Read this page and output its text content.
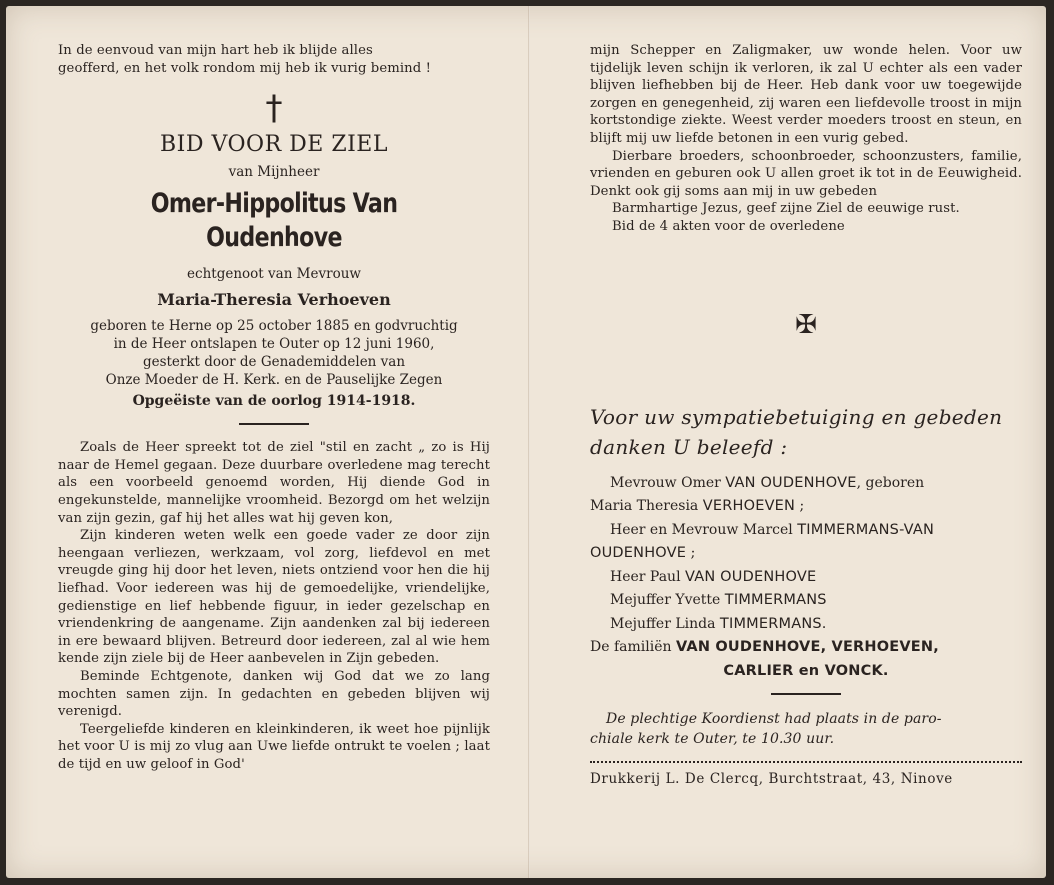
In de eenvoud van mijn hart heb ik blijde alles

geofferd, en het volk rondom mij heb ik vurig bemind !

†
BID VOOR DE ZIEL
van Mijnheer
Omer-Hippolitus Van Oudenhove
echtgenoot van Mevrouw
Maria-Theresia Verhoeven
geboren te Herne op 25 october 1885 en godvruchtig
in de Heer ontslapen te Outer op 12 juni 1960,
gesterkt door de Genademiddelen van
Onze Moeder de H. Kerk. en de Pauselijke Zegen
Opgeëiste van de oorlog 1914-1918.

Zoals de Heer spreekt tot de ziel "stil en zacht „ zo is Hij naar de Hemel gegaan. Deze duurbare overledene mag terecht als een voorbeeld genoemd worden, Hij diende God in engekunstelde, mannelijke vroomheid. Bezorgd om het welzijn van zijn gezin, gaf hij het alles wat hij geven kon,

Zijn kinderen weten welk een goede vader ze door zijn heengaan verliezen, werkzaam, vol zorg, liefdevol en met vreugde ging hij door het leven, niets ontziend voor hen die hij liefhad. Voor iedereen was hij de gemoedelijke, vriendelijke, gedienstige en lief hebbende figuur, in ieder gezelschap en vriendenkring de aangename. Zijn aandenken zal bij iedereen in ere bewaard blijven. Betreurd door iedereen, zal al wie hem kende zijn ziele bij de Heer aanbevelen in Zijn gebeden.

Beminde Echtgenote, danken wij God dat we zo lang mochten samen zijn. In gedachten en gebeden blijven wij verenigd.

Teergeliefde kinderen en kleinkinderen, ik weet hoe pijnlijk het voor U is mij zo vlug aan Uwe liefde ontrukt te voelen ; laat de tijd en uw geloof in God'

mijn Schepper en Zaligmaker, uw wonde helen. Voor uw tijdelijk leven schijn ik verloren, ik zal U echter als een vader blijven liefhebben bij de Heer. Heb dank voor uw toegewijde zorgen en genegenheid, zij waren een liefdevolle troost in mijn kortstondige ziekte. Weest verder moeders troost en steun, en blijft mij uw liefde betonen in een vurig gebed.

Dierbare broeders, schoonbroeder, schoonzusters, familie, vrienden en geburen ook U allen groet ik tot in de Eeuwigheid. Denkt ook gij soms aan mij in uw gebeden

Barmhartige Jezus, geef zijne Ziel de eeuwige rust.

Bid de 4 akten voor de overledene

✠
Voor uw sympatiebetuiging en gebeden
danken U beleefd :
Mevrouw Omer VAN OUDENHOVE, geboren
Maria Theresia VERHOEVEN ;
Heer en Mevrouw Marcel TIMMERMANS-VAN
OUDENHOVE ;
Heer Paul VAN OUDENHOVE
Mejuffer Yvette TIMMERMANS
Mejuffer Linda TIMMERMANS.
De familiën VAN OUDENHOVE, VERHOEVEN,
CARLIER en VONCK.

De plechtige Koordienst had plaats in de paro-

chiale kerk te Outer, te 10.30 uur.

Drukkerij L. De Clercq, Burchtstraat, 43, Ninove
